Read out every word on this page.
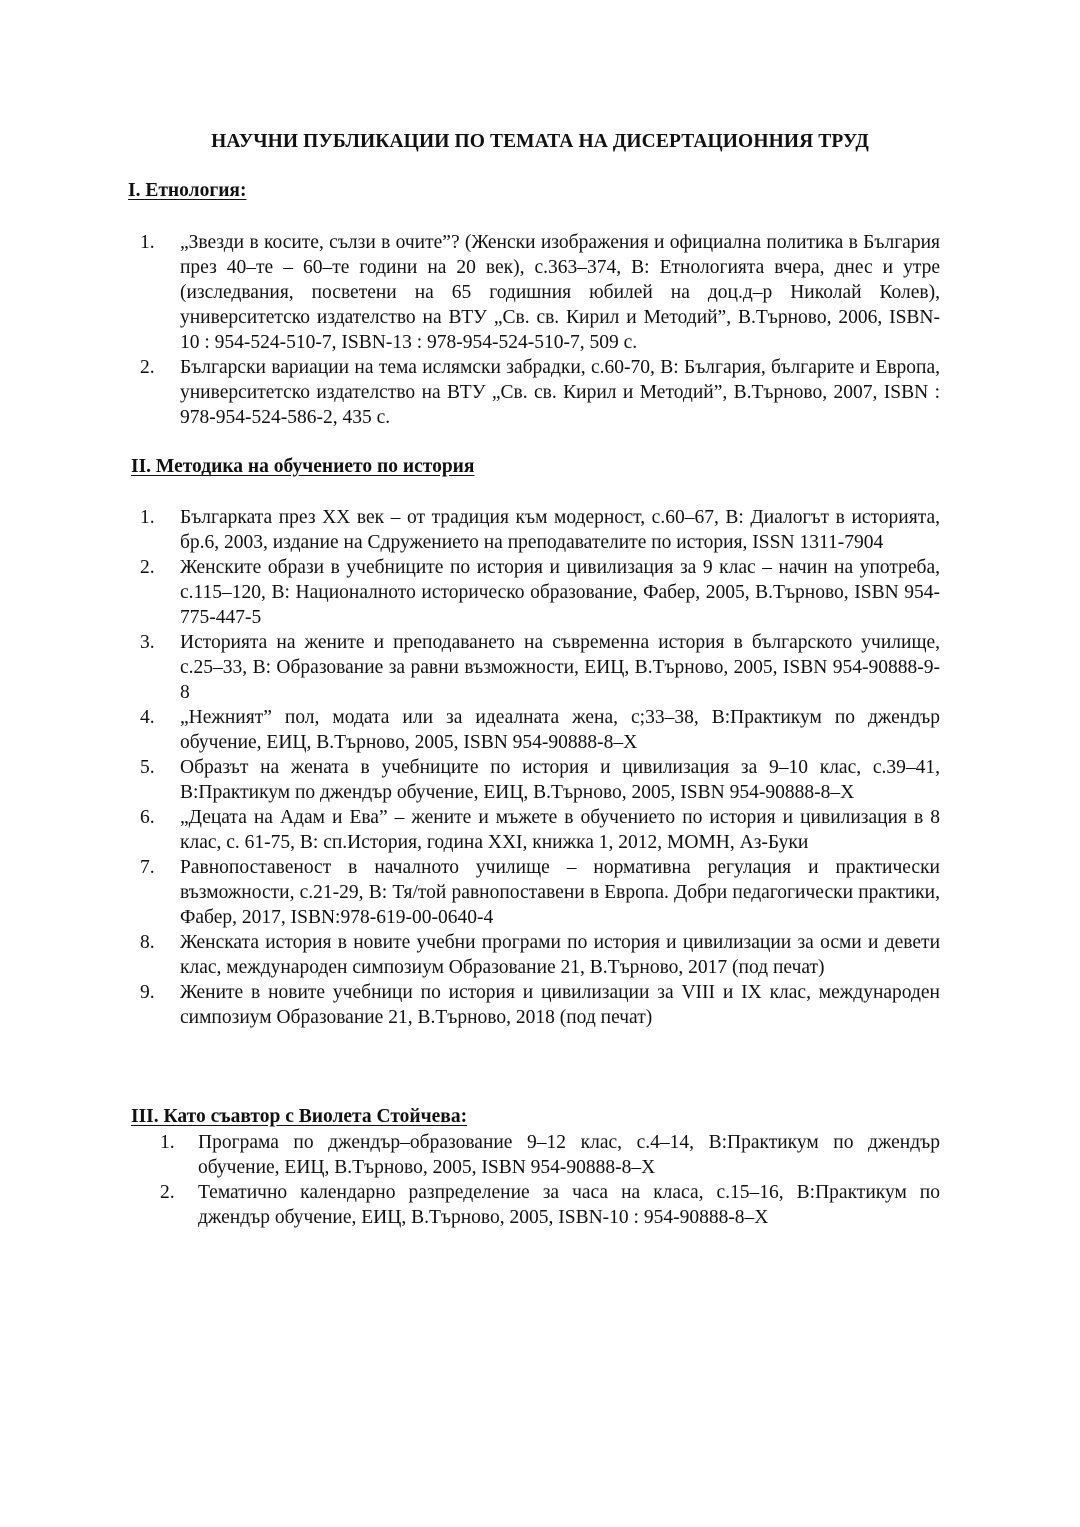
НАУЧНИ ПУБЛИКАЦИИ ПО ТЕМАТА НА ДИСЕРТАЦИОННИЯ ТРУД
I. Етнология:
1. „Звезди в косите, сълзи в очите”? (Женски изображения и официална политика в България през 40–те – 60–те години на 20 век), с.363–374, В: Етнологията вчера, днес и утре (изследвания, посветени на 65 годишния юбилей на доц.д–р Николай Колев), университетско издателство на ВТУ „Св. св. Кирил и Методий”, В.Търново, 2006, ISBN- 10 : 954-524-510-7, ISBN-13 : 978-954-524-510-7, 509 с.
2. Български вариации на тема ислямски забрадки, с.60-70, В: България, българите и Европа, университетско издателство на ВТУ „Св. св. Кирил и Методий”, В.Търново, 2007, ISBN : 978-954-524-586-2, 435 с.
II. Методика на обучението по история
1. Българката през XX век – от традиция към модерност, с.60–67, В: Диалогът в историята, бр.6, 2003, издание на Сдружението на преподавателите по история, ISSN 1311-7904
2. Женските образи в учебниците по история и цивилизация за 9 клас – начин на употреба, с.115–120, В: Националното историческо образование, Фабер, 2005, В.Търново, ISBN 954-775-447-5
3. Историята на жените и преподаването на съвременна история в българското училище, с.25–33, В: Образование за равни възможности, ЕИЦ, В.Търново, 2005, ISBN 954-90888-9-8
4. „Нежният” пол, модата или за идеалната жена, с;33–38, В:Практикум по джендър обучение, ЕИЦ, В.Търново, 2005, ISBN 954-90888-8–Х
5. Образът на жената в учебниците по история и цивилизация за 9–10 клас, с.39–41, В:Практикум по джендър обучение, ЕИЦ, В.Търново, 2005, ISBN 954-90888-8–Х
6. „Децата на Адам и Ева” – жените и мъжете в обучението по история и цивилизация в 8 клас, с. 61-75, В: сп.История, година XXI, книжка 1, 2012, МОМН, Аз-Буки
7. Равнопоставеност в началното училище – нормативна регулация и практически възможности, с.21-29, В: Тя/той равнопоставени в Европа. Добри педагогически практики, Фабер, 2017, ISBN:978-619-00-0640-4
8. Женската история в новите учебни програми по история и цивилизации за осми и девети клас, международен симпозиум Образование 21, В.Търново, 2017 (под печат)
9. Жените в новите учебници по история и цивилизации за VIII и IX клас, международен симпозиум Образование 21, В.Търново, 2018 (под печат)
III. Като съавтор с Виолета Стойчева:
1. Програма по джендър–образование 9–12 клас, с.4–14, В:Практикум по джендър обучение, ЕИЦ, В.Търново, 2005, ISBN 954-90888-8–Х
2. Тематично календарно разпределение за часа на класа, с.15–16, В:Практикум по джендър обучение, ЕИЦ, В.Търново, 2005, ISBN-10 : 954-90888-8–Х
